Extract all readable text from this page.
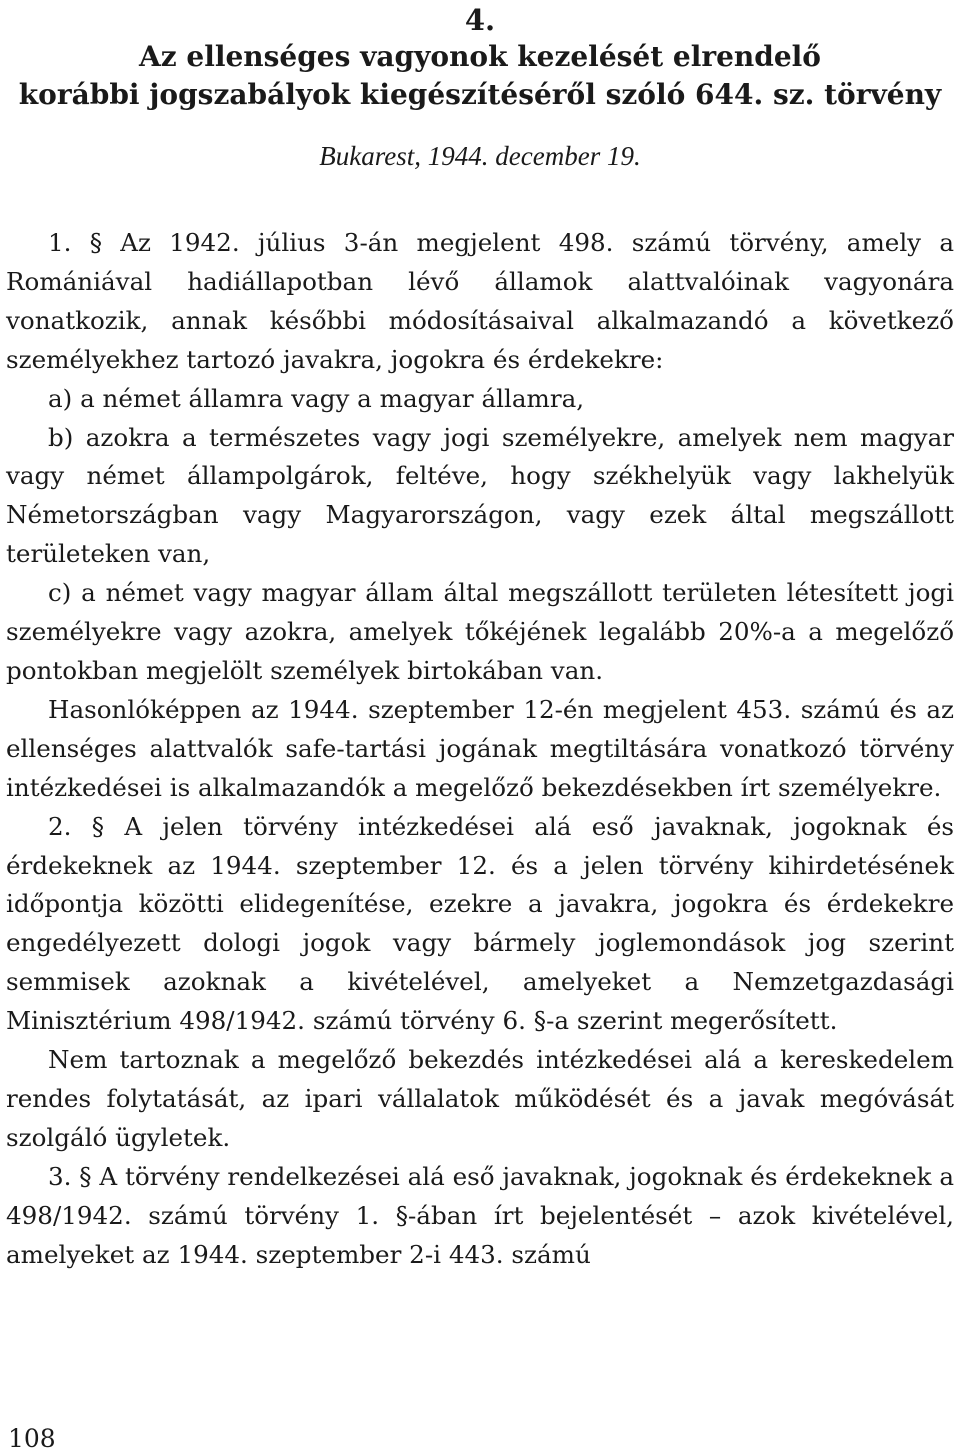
4.
Az ellenséges vagyonok kezelését elrendelő
korábbi jogszabályok kiegészítéséről szóló 644. sz. törvény
Bukarest, 1944. december 19.

1. § Az 1942. július 3-án megjelent 498. számú törvény, amely a Romániával hadiállapotban lévő államok alattvalóinak vagyonára vonatkozik, annak későbbi módosításaival alkalmazandó a következő személyekhez tartozó javakra, jogokra és érdekekre:

a) a német államra vagy a magyar államra,

b) azokra a természetes vagy jogi személyekre, amelyek nem magyar vagy német állampolgárok, feltéve, hogy székhelyük vagy lakhelyük Németországban vagy Magyarországon, vagy ezek által megszállott területeken van,

c) a német vagy magyar állam által megszállott területen létesített jogi személyekre vagy azokra, amelyek tőkéjének legalább 20%-a a megelőző pontokban megjelölt személyek birtokában van.

Hasonlóképpen az 1944. szeptember 12-én megjelent 453. számú és az ellenséges alattvalók safe-tartási jogának megtiltására vonatkozó törvény intézkedései is alkalmazandók a megelőző bekezdésekben írt személyekre.

2. § A jelen törvény intézkedései alá eső javaknak, jogoknak és érdekeknek az 1944. szeptember 12. és a jelen törvény kihirdetésének időpontja közötti elidegenítése, ezekre a javakra, jogokra és érdekekre engedélyezett dologi jogok vagy bármely joglemondások jog szerint semmisek azoknak a kivételével, amelyeket a Nemzetgazdasági Minisztérium 498/1942. számú törvény 6. §-a szerint megerősített.

Nem tartoznak a megelőző bekezdés intézkedései alá a kereskedelem rendes folytatását, az ipari vállalatok működését és a javak megóvását szolgáló ügyletek.

3. § A törvény rendelkezései alá eső javaknak, jogoknak és érdekeknek a 498/1942. számú törvény 1. §-ában írt bejelentését – azok kivételével, amelyeket az 1944. szeptember 2-i 443. számú

108
